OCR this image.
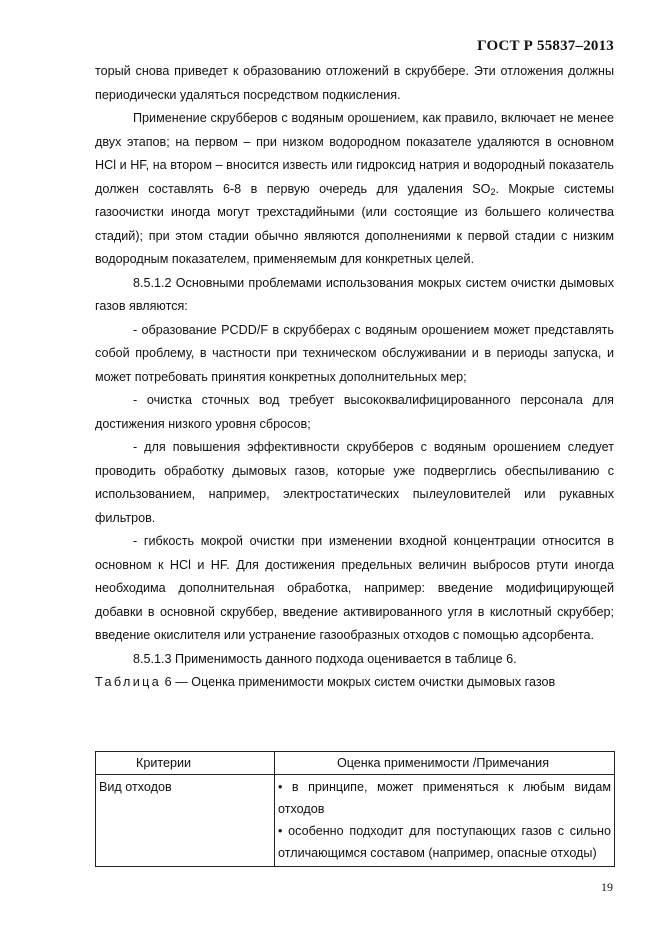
ГОСТ Р 55837–2013

торый снова приведет к образованию отложений в скруббере. Эти отложения должны периодически удаляться посредством подкисления.

Применение скрубберов с водяным орошением, как правило, включает не менее двух этапов; на первом – при низком водородном показателе удаляются в основном HCl и HF, на втором – вносится известь или гидроксид натрия и водородный показатель должен составлять 6-8 в первую очередь для удаления $SO_2$. Мокрые системы газоочистки иногда могут трехстадийными (или состоящие из большего количества стадий); при этом стадии обычно являются дополнениями к первой стадии с низким водородным показателем, применяемым для конкретных целей.

8.5.1.2 Основными проблемами использования мокрых систем очистки дымовых газов являются:

- образование PCDD/F в скрубберах с водяным орошением может представлять собой проблему, в частности при техническом обслуживании и в периоды запуска, и может потребовать принятия конкретных дополнительных мер;

- очистка сточных вод требует высококвалифицированного персонала для достижения низкого уровня сбросов;

- для повышения эффективности скрубберов с водяным орошением следует проводить обработку дымовых газов, которые уже подверглись обеспыливанию с использованием, например, электростатических пылеуловителей или рукавных фильтров.

- гибкость мокрой очистки при изменении входной концентрации относится в основном к HCl и HF. Для достижения предельных величин выбросов ртути иногда необходима дополнительная обработка, например: введение модифицирующей добавки в основной скруббер, введение активированного угля в кислотный скруббер; введение окислителя или устранение газообразных отходов с помощью адсорбента.

8.5.1.3 Применимость данного подхода оценивается в таблице 6.

Таблица 6 — Оценка применимости мокрых систем очистки дымовых газов

Критерии	Оценка применимости /Примечания
Вид отходов	• в принципе, может применяться к любым видам отходов
• особенно подходит для поступающих газов с сильно отличающимся составом (например, опасные отходы)
19
